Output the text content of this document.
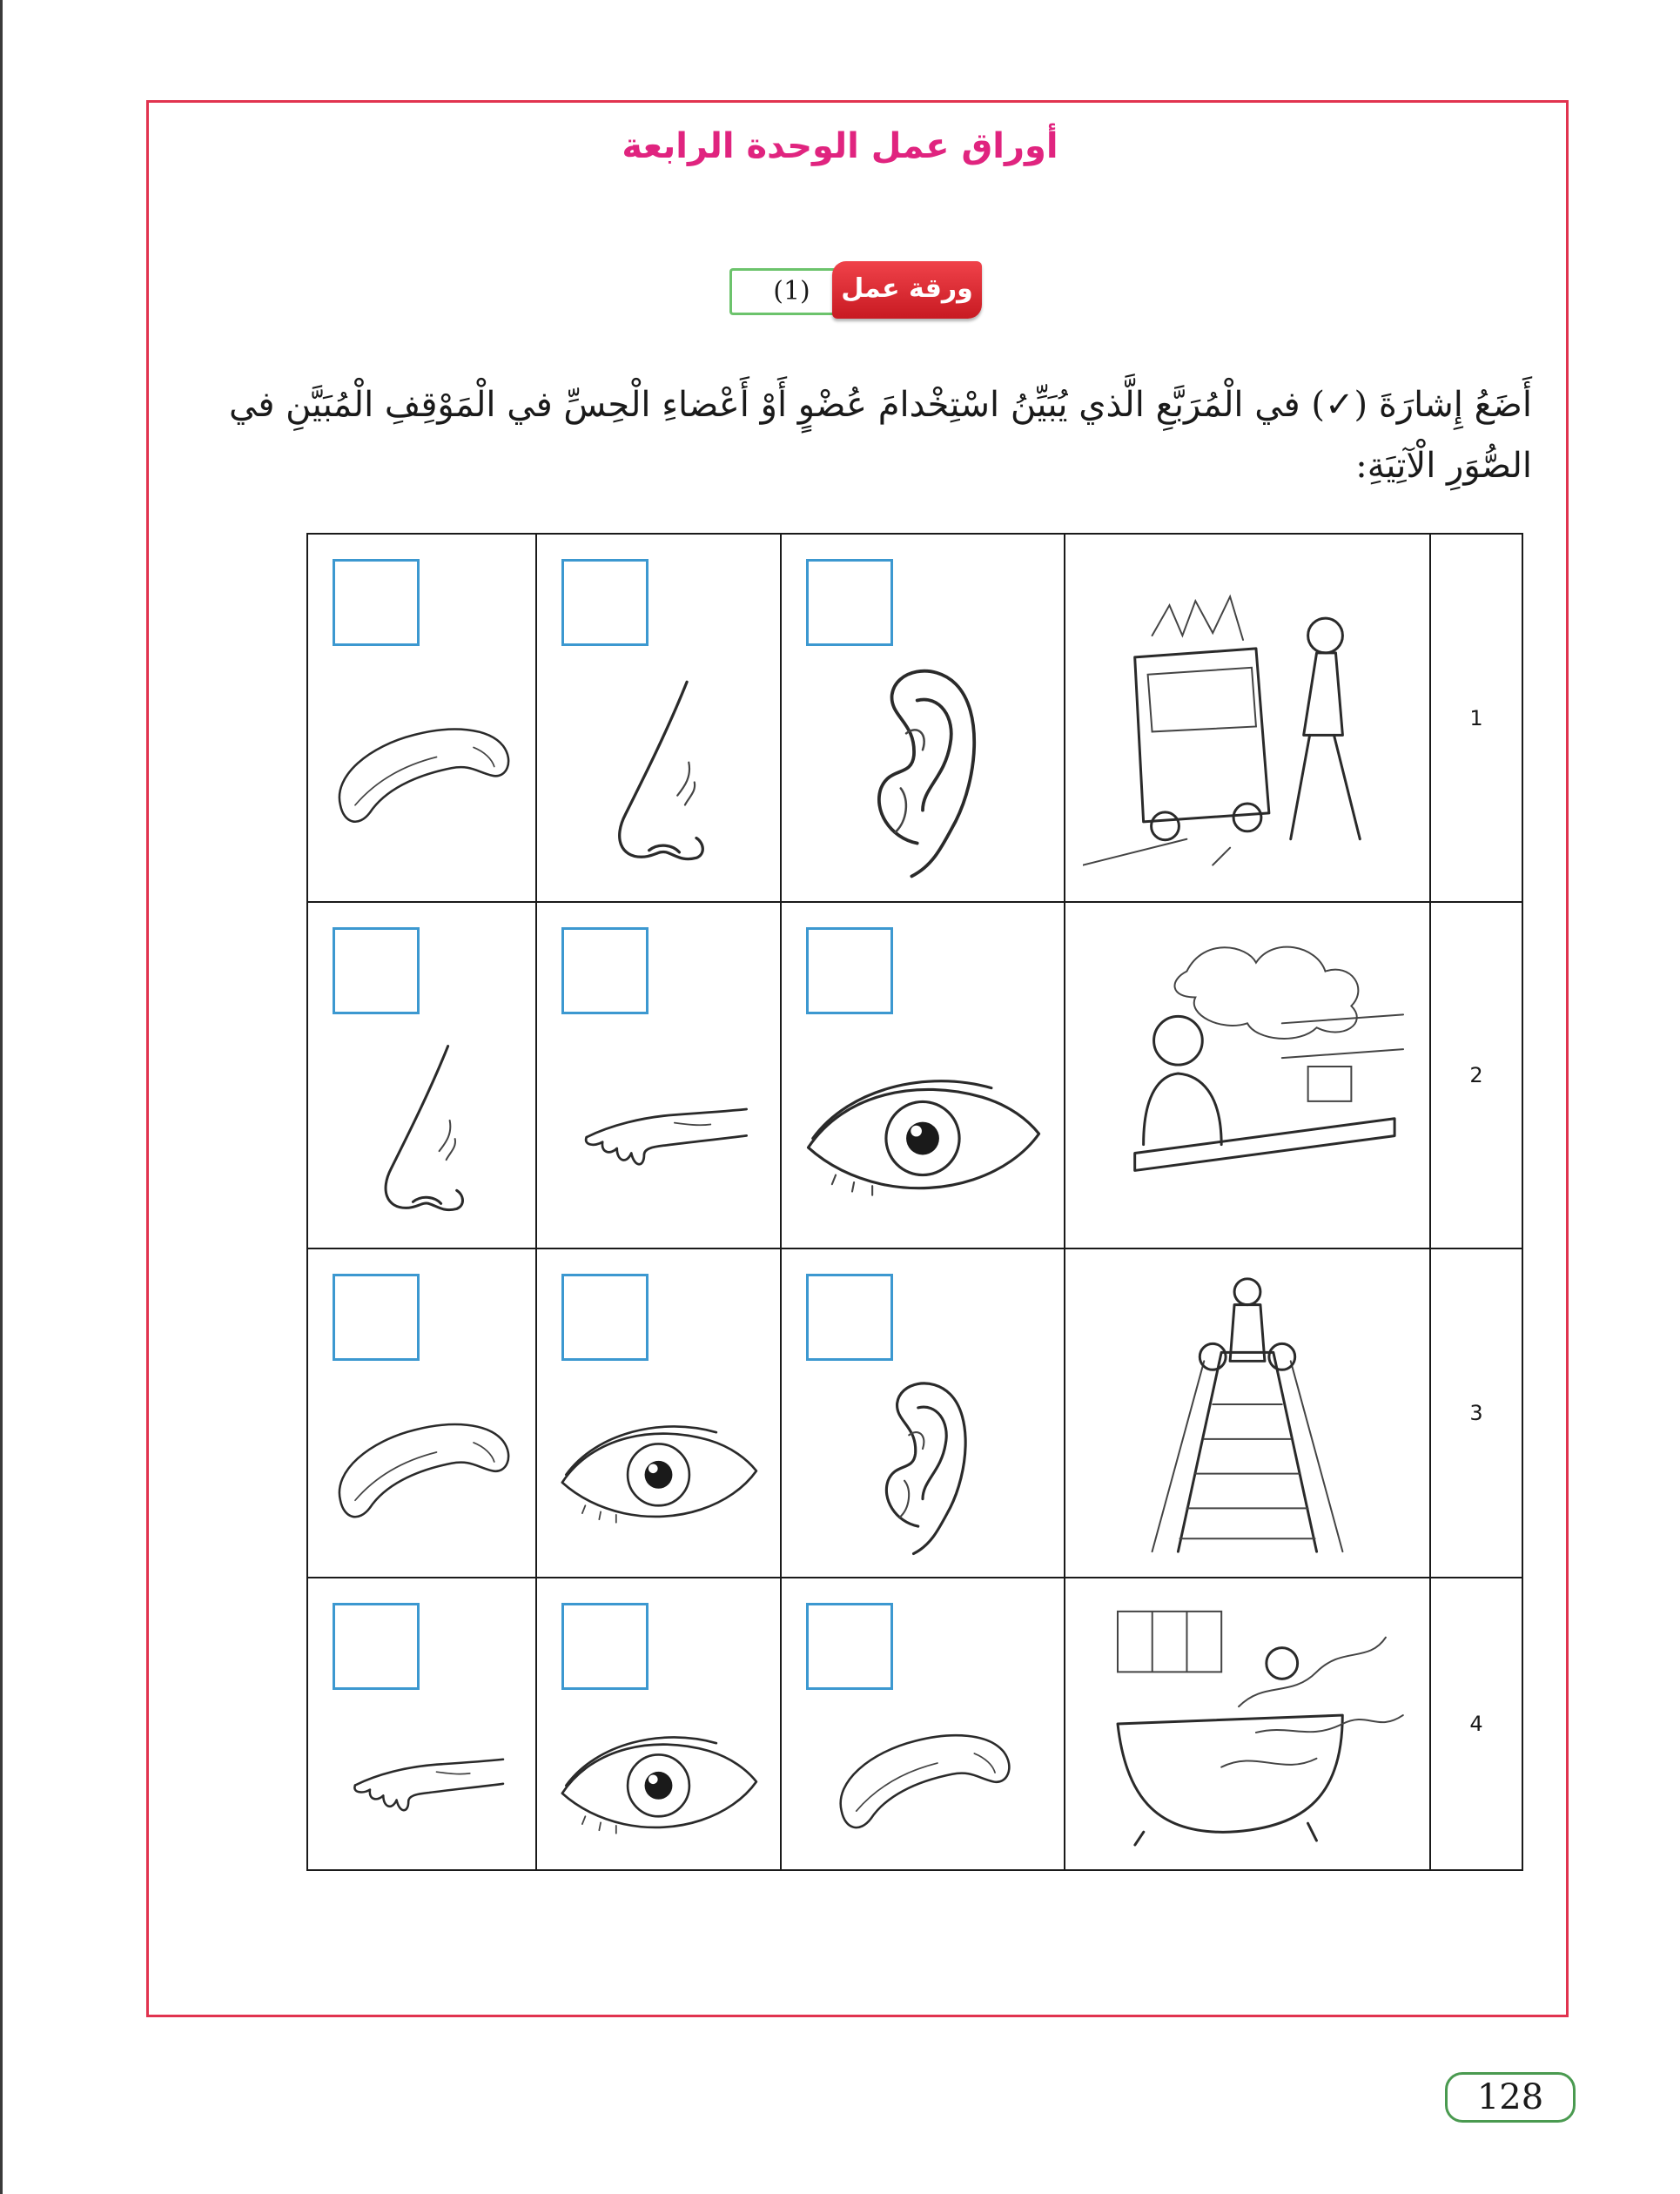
أوراق عمل الوحدة الرابعة
(1)	ورقة عمل
أَضَعُ إِشارَةَ (✓) في الْمُرَبَّعِ الَّذي يُبَيِّنُ اسْتِخْدامَ عُضْوٍ أَوْ أَعْضاءِ الْحِسِّ في الْمَوْقِفِ الْمُبَيَّنِ في الصُّوَرِ الْآتِيَةِ:

	1

	2

	3

	4
128
